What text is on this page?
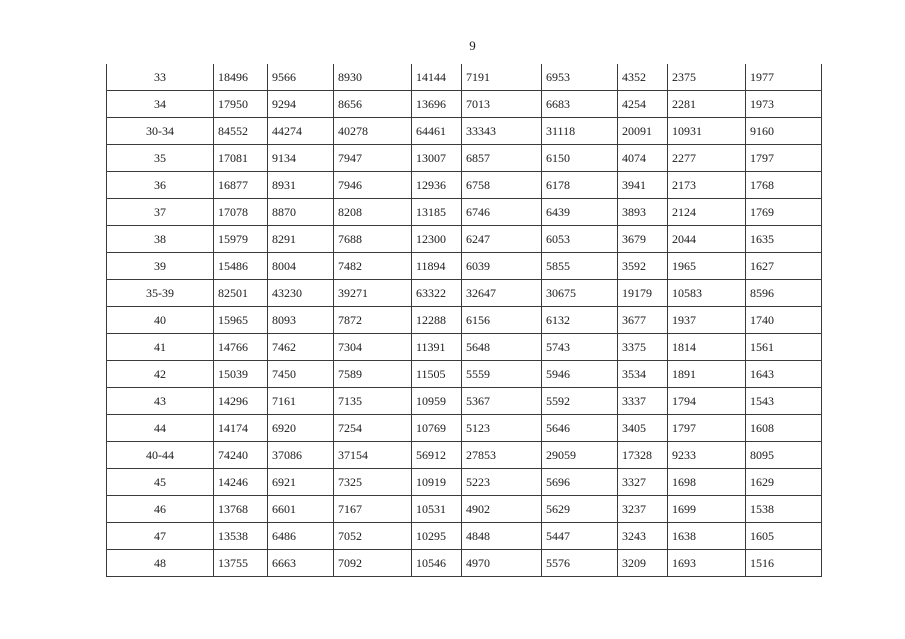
9
33	18496	9566	8930	14144	7191	6953	4352	2375	1977
34	17950	9294	8656	13696	7013	6683	4254	2281	1973
30-34	84552	44274	40278	64461	33343	31118	20091	10931	9160
35	17081	9134	7947	13007	6857	6150	4074	2277	1797
36	16877	8931	7946	12936	6758	6178	3941	2173	1768
37	17078	8870	8208	13185	6746	6439	3893	2124	1769
38	15979	8291	7688	12300	6247	6053	3679	2044	1635
39	15486	8004	7482	11894	6039	5855	3592	1965	1627
35-39	82501	43230	39271	63322	32647	30675	19179	10583	8596
40	15965	8093	7872	12288	6156	6132	3677	1937	1740
41	14766	7462	7304	11391	5648	5743	3375	1814	1561
42	15039	7450	7589	11505	5559	5946	3534	1891	1643
43	14296	7161	7135	10959	5367	5592	3337	1794	1543
44	14174	6920	7254	10769	5123	5646	3405	1797	1608
40-44	74240	37086	37154	56912	27853	29059	17328	9233	8095
45	14246	6921	7325	10919	5223	5696	3327	1698	1629
46	13768	6601	7167	10531	4902	5629	3237	1699	1538
47	13538	6486	7052	10295	4848	5447	3243	1638	1605
48	13755	6663	7092	10546	4970	5576	3209	1693	1516
